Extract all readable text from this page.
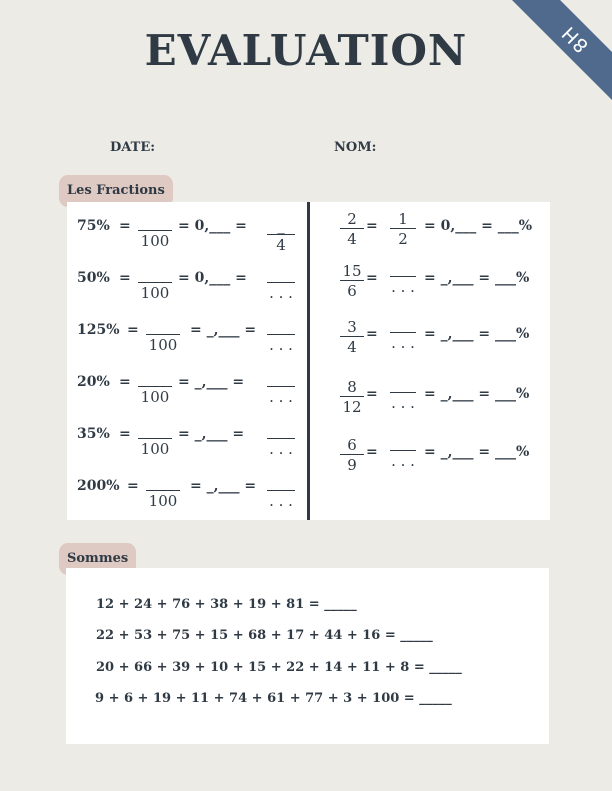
8H
EVALUATION
DATE:	NOM:
Les Fractions
75% =
100
= 0,___ =	_
4
50% =
100
= 0,___ =
. . .
125% =
100
= _,___ =
. . .
20% =
100
= _,___ =
. . .
35% =
100
= _,___ =
. . .
200% =
100
= _,___ =
. . .
$\frac{2}{4} = \frac{1}{2}$ = 0,___ = ___%
$\frac{15}{6}$ = . . . = _,___ = ___%
$\frac{3}{4}$ = . . . = _,___ = ___%
$\frac{8}{12}$ = . . . = _,___ = ___%
$\frac{6}{9}$ = . . . = _,___ = ___%
Sommes
12 + 24 + 76 + 38 + 19 + 81 = _____
22 + 53 + 75 + 15 + 68 + 17 + 44 + 16 = _____
20 + 66 + 39 + 10 + 15 + 22 + 14 + 11 + 8 = _____
9 + 6 + 19 + 11 + 74 + 61 + 77 + 3 + 100 = _____
